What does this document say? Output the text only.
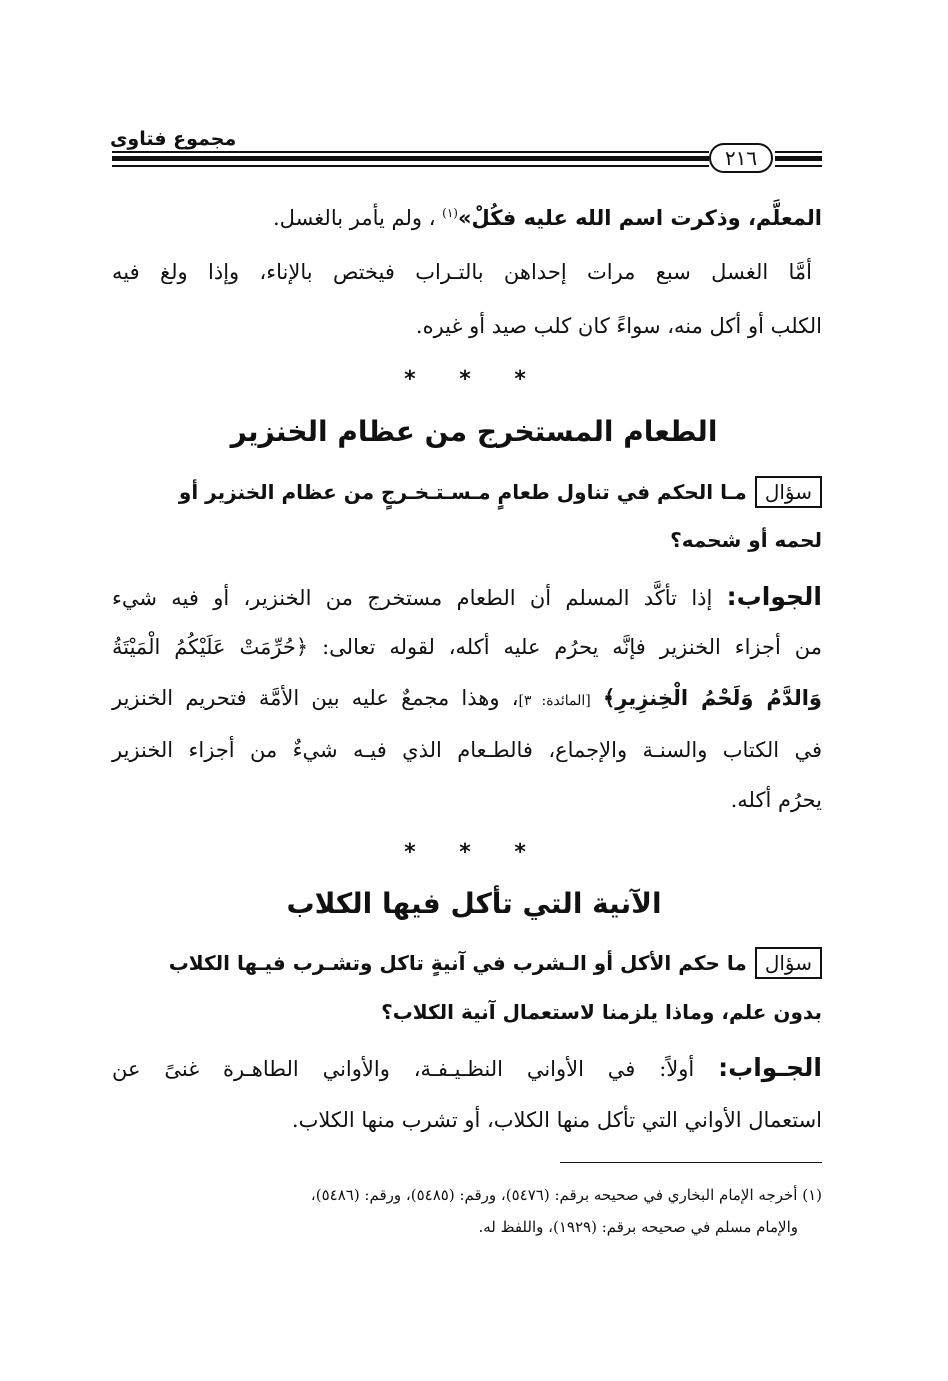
مجموع فتاوى
٢١٦
المعلَّم، وذكرت اسم الله عليه فكُلْ»$^{(١)}$ ، ولم يأمر بالغسل.
أمَّا الغسل سبع مرات إحداهن بالتـراب فيختص بالإناء، وإذا ولغ فيه
الكلب أو أكل منه، سواءً كان كلب صيد أو غيره.
* * *
الطعام المستخرج من عظام الخنزير
سؤالمـا الحكم في تناول طعامٍ مـسـتـخـرجٍ من عظام الخنزير أو
لحمه أو شحمه؟
الجواب: إذا تأكَّد المسلم أن الطعام مستخرج من الخنزير، أو فيه شيء
من أجزاء الخنزير فإنَّه يحرُم عليه أكله، لقوله تعالى: ﴿حُرِّمَتْ عَلَيْكُمُ الْمَيْتَةُ
وَالدَّمُ وَلَحْمُ الْخِنزِيرِ﴾ [المائدة: ٣]، وهذا مجمعٌ عليه بين الأمَّة فتحريم الخنزير
في الكتاب والسنـة والإجماع، فالطـعام الذي فيـه شيءٌ من أجزاء الخنزير
يحرُم أكله.
* * *
الآنية التي تأكل فيها الكلاب
سؤالما حكم الأكل أو الـشرب في آنيةٍ تاكل وتشـرب فيـها الكلاب
بدون علم، وماذا يلزمنا لاستعمال آنية الكلاب؟
الجـواب: أولاً: في الأواني النظـيـفـة، والأواني الطاهـرة غنىً عن
استعمال الأواني التي تأكل منها الكلاب، أو تشرب منها الكلاب.
(١) أخرجه الإمام البخاري في صحيحه برقم: (٥٤٧٦)، ورقم: (٥٤٨٥)، ورقم: (٥٤٨٦)،
والإمام مسلم في صحيحه برقم: (١٩٢٩)، واللفظ له.
